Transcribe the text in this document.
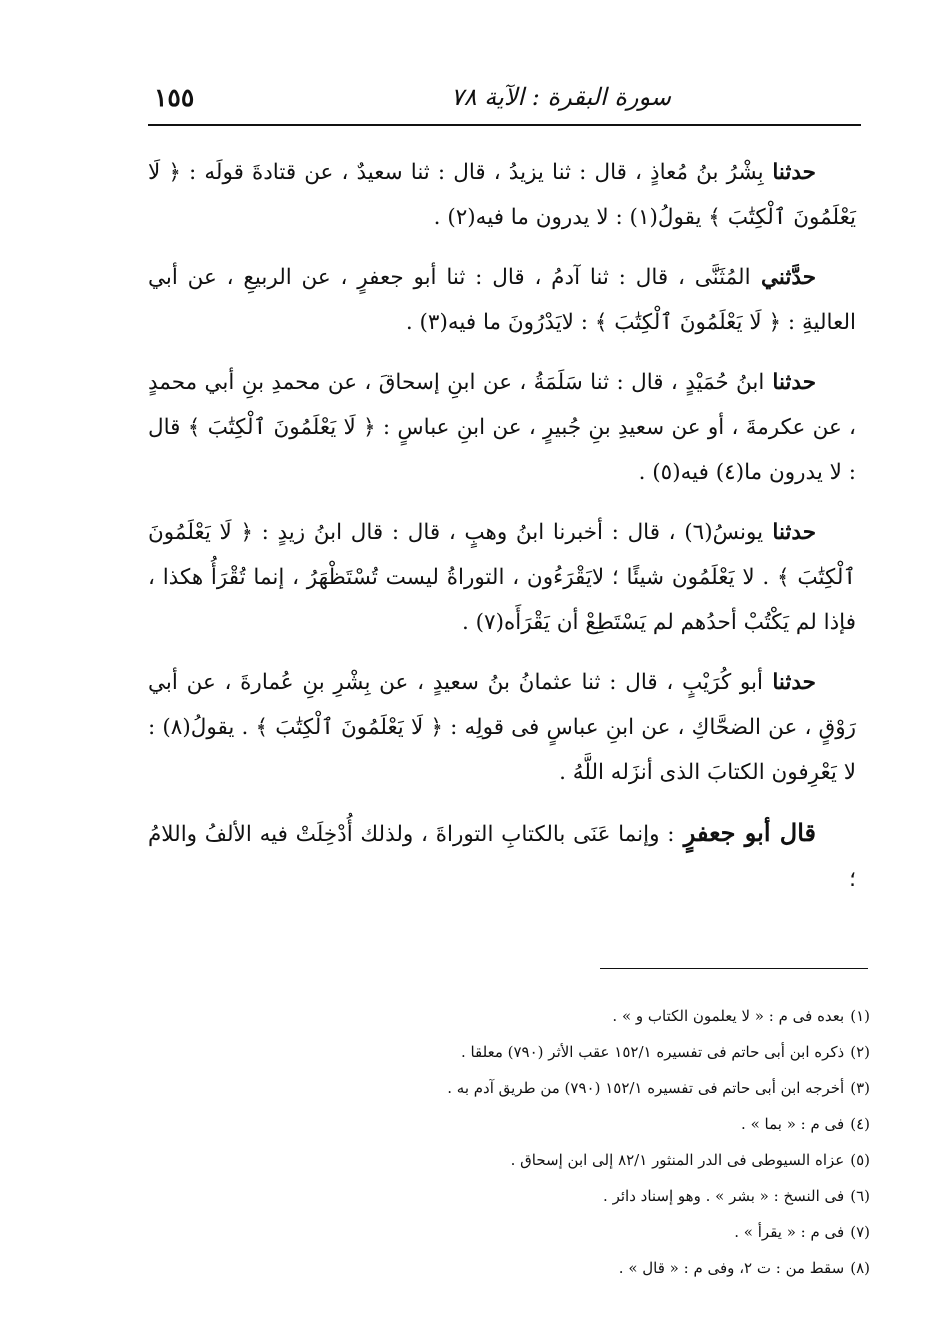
١٥٥	سورة البقرة : الآية ٧٨

حدثنابِشْرُ بنُ مُعاذٍ ، قال : ثنا يزيدُ ، قال : ثنا سعيدٌ ، عن قتادةَ قولَه : ﴿ لَا يَعْلَمُونَ ٱلْكِتَٰبَ ﴾ يقولُ(١) : لا يدرون ما فيه(٢) .

حدَّثنيالمُثَنَّى ، قال : ثنا آدمُ ، قال : ثنا أبو جعفرٍ ، عن الربيعِ ، عن أبي العاليةِ : ﴿ لَا يَعْلَمُونَ ٱلْكِتَٰبَ ﴾ : لايَدْرُونَ ما فيه(٣) .

حدثناابنُ حُمَيْدٍ ، قال : ثنا سَلَمَةُ ، عن ابنِ إسحاقَ ، عن محمدِ بنِ أبي محمدٍ ، عن عكرمةَ ، أو عن سعيدِ بنِ جُبيرٍ ، عن ابنِ عباسٍ : ﴿ لَا يَعْلَمُونَ ٱلْكِتَٰبَ ﴾ قال : لا يدرون ما(٤) فيه(٥) .

حدثنايونسُ(٦) ، قال : أخبرنا ابنُ وهبٍ ، قال : قال ابنُ زيدٍ : ﴿ لَا يَعْلَمُونَ ٱلْكِتَٰبَ ﴾ . لا يَعْلَمُون شيئًا ؛ لايَقْرَءُون ، التوراةُ ليست تُسْتَظْهَرُ ، إنما تُقْرَأُ هكذا ، فإذا لم يَكْتُبْ أحدُهم لم يَسْتَطِعْ أن يَقْرَأَه(٧) .

حدثناأبو كُرَيْبٍ ، قال : ثنا عثمانُ بنُ سعيدٍ ، عن بِشْرِ بنِ عُمارةَ ، عن أبي رَوْقٍ ، عن الضحَّاكِ ، عن ابنِ عباسٍ فى قولِه : ﴿ لَا يَعْلَمُونَ ٱلْكِتَٰبَ ﴾ . يقولُ(٨) : لا يَعْرِفون الكتابَ الذى أنزَله اللَّهُ .

قال أبو جعفرٍ: وإنما عَنَى بالكتابِ التوراةَ ، ولذلك أُدْخِلَتْ فيه الألفُ واللامُ ؛

(١)بعده فى م : « لا يعلمون الكتاب و » .

(٢)ذكره ابن أبى حاتم فى تفسيره ١٥٢/١ عقب الأثر (٧٩٠) معلقا .

(٣)أخرجه ابن أبى حاتم فى تفسيره ١٥٢/١ (٧٩٠) من طريق آدم به .

(٤)فى م : « بما » .

(٥)عزاه السيوطى فى الدر المنثور ٨٢/١ إلى ابن إسحاق .

(٦)فى النسخ : « بشر » . وهو إسناد دائر .

(٧)فى م : « يقرأ » .

(٨)سقط من : ت ٢، وفى م : « قال » .
